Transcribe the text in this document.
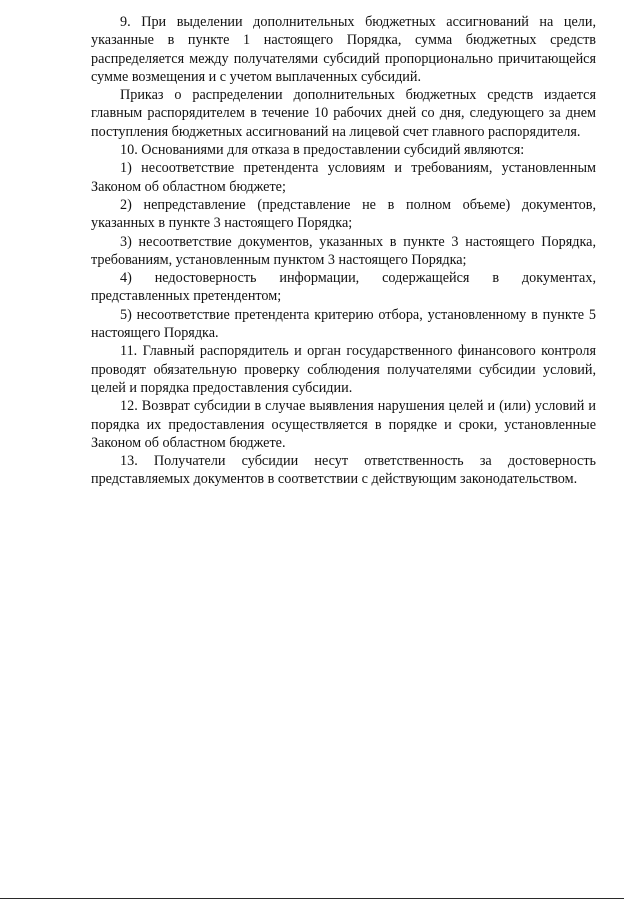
9. При выделении дополнительных бюджетных ассигнований на цели, указанные в пункте 1 настоящего Порядка, сумма бюджетных средств распределяется между получателями субсидий пропорционально причитающейся сумме возмещения и с учетом выплаченных субсидий.

Приказ о распределении дополнительных бюджетных средств издается главным распорядителем в течение 10 рабочих дней со дня, следующего за днем поступления бюджетных ассигнований на лицевой счет главного распорядителя.

10. Основаниями для отказа в предоставлении субсидий являются:

1) несоответствие претендента условиям и требованиям, установленным Законом об областном бюджете;

2) непредставление (представление не в полном объеме) документов, указанных в пункте 3 настоящего Порядка;

3) несоответствие документов, указанных в пункте 3 настоящего Порядка, требованиям, установленным пунктом 3 настоящего Порядка;

4) недостоверность информации, содержащейся в документах, представленных претендентом;

5) несоответствие претендента критерию отбора, установленному в пункте 5 настоящего Порядка.

11. Главный распорядитель и орган государственного финансового контроля проводят обязательную проверку соблюдения получателями субсидии условий, целей и порядка предоставления субсидии.

12. Возврат субсидии в случае выявления нарушения целей и (или) условий и порядка их предоставления осуществляется в порядке и сроки, установленные Законом об областном бюджете.

13. Получатели субсидии несут ответственность за достоверность представляемых документов в соответствии с действующим законодательством.
